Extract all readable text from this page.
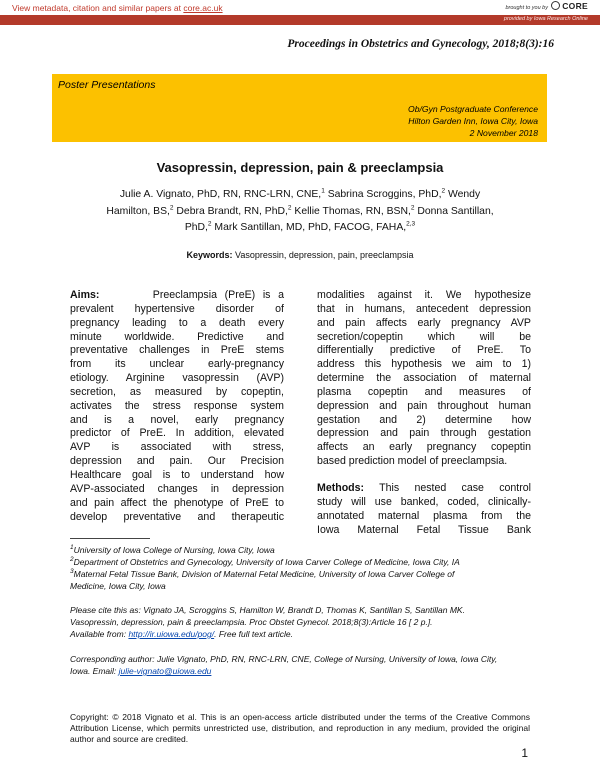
View metadata, citation and similar papers at core.ac.uk	brought to you by	CORE
provided by Iowa Research Online
Proceedings in Obstetrics and Gynecology, 2018;8(3):16
Poster Presentations
Ob/Gyn Postgraduate Conference
Hilton Garden Inn, Iowa City, Iowa
2 November 2018
Vasopressin, depression, pain & preeclampsia
Julie A. Vignato, PhD, RN, RNC-LRN, CNE,$^1$ Sabrina Scroggins, PhD,$^2$ Wendy
Hamilton, BS,$^2$ Debra Brandt, RN, PhD,$^2$ Kellie Thomas, RN, BSN,$^2$ Donna Santillan,
PhD,$^2$ Mark Santillan, MD, PhD, FACOG, FAHA,$^{2,3}$
Keywords: Vasopressin, depression, pain, preeclampsia
Aims:       Preeclampsia (PreE) is a
prevalent hypertensive disorder of
pregnancy leading to a death every
minute worldwide. Predictive and
preventative challenges in PreE stems
from its unclear early-pregnancy
etiology. Arginine vasopressin (AVP)
secretion, as measured by copeptin,
activates the stress response system
and is a novel, early pregnancy
predictor of PreE. In addition, elevated
AVP is associated with stress,
depression and pain. Our Precision
Healthcare goal is to understand how
AVP-associated changes in depression
and pain affect the phenotype of PreE to
develop preventative and therapeutic
modalities against it. We hypothesize
that in humans, antecedent depression
and pain affects early pregnancy AVP
secretion/copeptin which will be
differentially predictive of PreE. To
address this hypothesis we aim to 1)
determine the association of maternal
plasma copeptin and measures of
depression and pain throughout human
gestation and 2) determine how
depression and pain through gestation
affects an early pregnancy copeptin
based prediction model of preeclampsia.
Methods: This nested case control
study will use banked, coded, clinically-
annotated maternal plasma from the
Iowa Maternal Fetal Tissue Bank
$^1$University of Iowa College of Nursing, Iowa City, Iowa
$^2$Department of Obstetrics and Gynecology, University of Iowa Carver College of Medicine, Iowa City, IA
$^3$Maternal Fetal Tissue Bank, Division of Maternal Fetal Medicine, University of Iowa Carver College of
Medicine, Iowa City, Iowa
Please cite this as: Vignato JA, Scroggins S, Hamilton W, Brandt D, Thomas K, Santillan S, Santillan MK.
Vasopressin, depression, pain & preeclampsia. Proc Obstet Gynecol. 2018;8(3):Article 16 [ 2 p.].
Available from: http://ir.uiowa.edu/pog/. Free full text article.
Corresponding author: Julie Vignato, PhD, RN, RNC-LRN, CNE, College of Nursing, University of Iowa, Iowa City,
Iowa. Email: julie-vignato@uiowa.edu
Copyright: © 2018 Vignato et al. This is an open-access article distributed under the terms of the Creative Commons Attribution License, which permits unrestricted use, distribution, and reproduction in any medium, provided the original author and source are credited.
1
